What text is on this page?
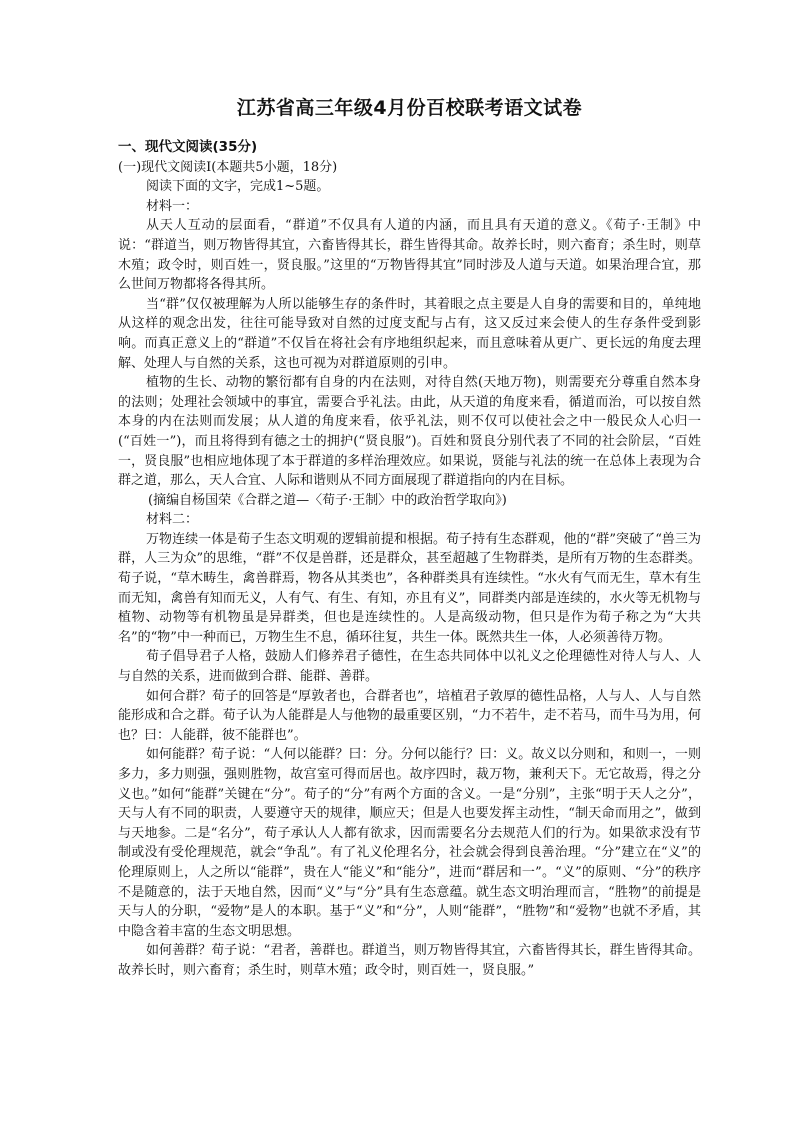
江苏省高三年级4月份百校联考语文试卷

一、现代文阅读(35分)

(一)现代文阅读Ⅰ(本题共5小题，18分)

阅读下面的文字，完成1~5题。

材料一：

从天人互动的层面看，“群道”不仅具有人道的内涵，而且具有天道的意义。《荀子·王制》中说：“群道当，则万物皆得其宜，六畜皆得其长，群生皆得其命。故养长时，则六畜育；杀生时，则草木殖；政令时，则百姓一，贤良服。”这里的“万物皆得其宜”同时涉及人道与天道。如果治理合宜，那么世间万物都将各得其所。

当“群”仅仅被理解为人所以能够生存的条件时，其着眼之点主要是人自身的需要和目的，单纯地从这样的观念出发，往往可能导致对自然的过度支配与占有，这又反过来会使人的生存条件受到影响。而真正意义上的“群道”不仅旨在将社会有序地组织起来，而且意味着从更广、更长远的角度去理解、处理人与自然的关系，这也可视为对群道原则的引申。

植物的生长、动物的繁衍都有自身的内在法则，对待自然(天地万物)，则需要充分尊重自然本身的法则；处理社会领域中的事宜，需要合乎礼法。由此，从天道的角度来看，循道而治，可以按自然本身的内在法则而发展；从人道的角度来看，依乎礼法，则不仅可以使社会之中一般民众人心归一(“百姓一”)，而且将得到有德之士的拥护(“贤良服”)。百姓和贤良分别代表了不同的社会阶层，“百姓一，贤良服”也相应地体现了本于群道的多样治理效应。如果说，贤能与礼法的统一在总体上表现为合群之道，那么，天人合宜、人际和谐则从不同方面展现了群道指向的内在目标。

(摘编自杨国荣《合群之道—〈荀子·王制〉中的政治哲学取向》)

材料二：

万物连续一体是荀子生态文明观的逻辑前提和根据。荀子持有生态群观，他的“群”突破了“兽三为群，人三为众”的思维，“群”不仅是兽群，还是群众，甚至超越了生物群类，是所有万物的生态群类。荀子说，“草木畴生，禽兽群焉，物各从其类也”，各种群类具有连续性。“水火有气而无生，草木有生而无知，禽兽有知而无义，人有气、有生、有知，亦且有义”，同群类内部是连续的，水火等无机物与植物、动物等有机物虽是异群类，但也是连续性的。人是高级动物，但只是作为荀子称之为“大共名”的“物”中一种而已，万物生生不息，循环往复，共生一体。既然共生一体，人必须善待万物。

荀子倡导君子人格，鼓励人们修养君子德性，在生态共同体中以礼义之伦理德性对待人与人、人与自然的关系，进而做到合群、能群、善群。

如何合群？荀子的回答是“厚敦者也，合群者也”，培植君子敦厚的德性品格，人与人、人与自然能形成和合之群。荀子认为人能群是人与他物的最重要区别，“力不若牛，走不若马，而牛马为用，何也？曰：人能群，彼不能群也”。

如何能群？荀子说：“人何以能群？曰：分。分何以能行？曰：义。故义以分则和，和则一，一则多力，多力则强，强则胜物，故宫室可得而居也。故序四时，裁万物，兼利天下。无它故焉，得之分义也。”如何“能群”关键在“分”。荀子的“分”有两个方面的含义。一是“分别”，主张“明于天人之分”，天与人有不同的职责，人要遵守天的规律，顺应天；但是人也要发挥主动性，“制天命而用之”，做到与天地参。二是“名分”，荀子承认人人都有欲求，因而需要名分去规范人们的行为。如果欲求没有节制或没有受伦理规范，就会“争乱”。有了礼义伦理名分，社会就会得到良善治理。“分”建立在“义”的伦理原则上，人之所以“能群”，贵在人“能义”和“能分”，进而“群居和一”。“义”的原则、“分”的秩序不是随意的，法于天地自然，因而“义”与“分”具有生态意蕴。就生态文明治理而言，“胜物”的前提是天与人的分职，“爱物”是人的本职。基于“义”和“分”，人则“能群”，“胜物”和“爱物”也就不矛盾，其中隐含着丰富的生态文明思想。

如何善群？荀子说：“君者，善群也。群道当，则万物皆得其宜，六畜皆得其长，群生皆得其命。故养长时，则六畜育；杀生时，则草木殖；政令时，则百姓一，贤良服。”
